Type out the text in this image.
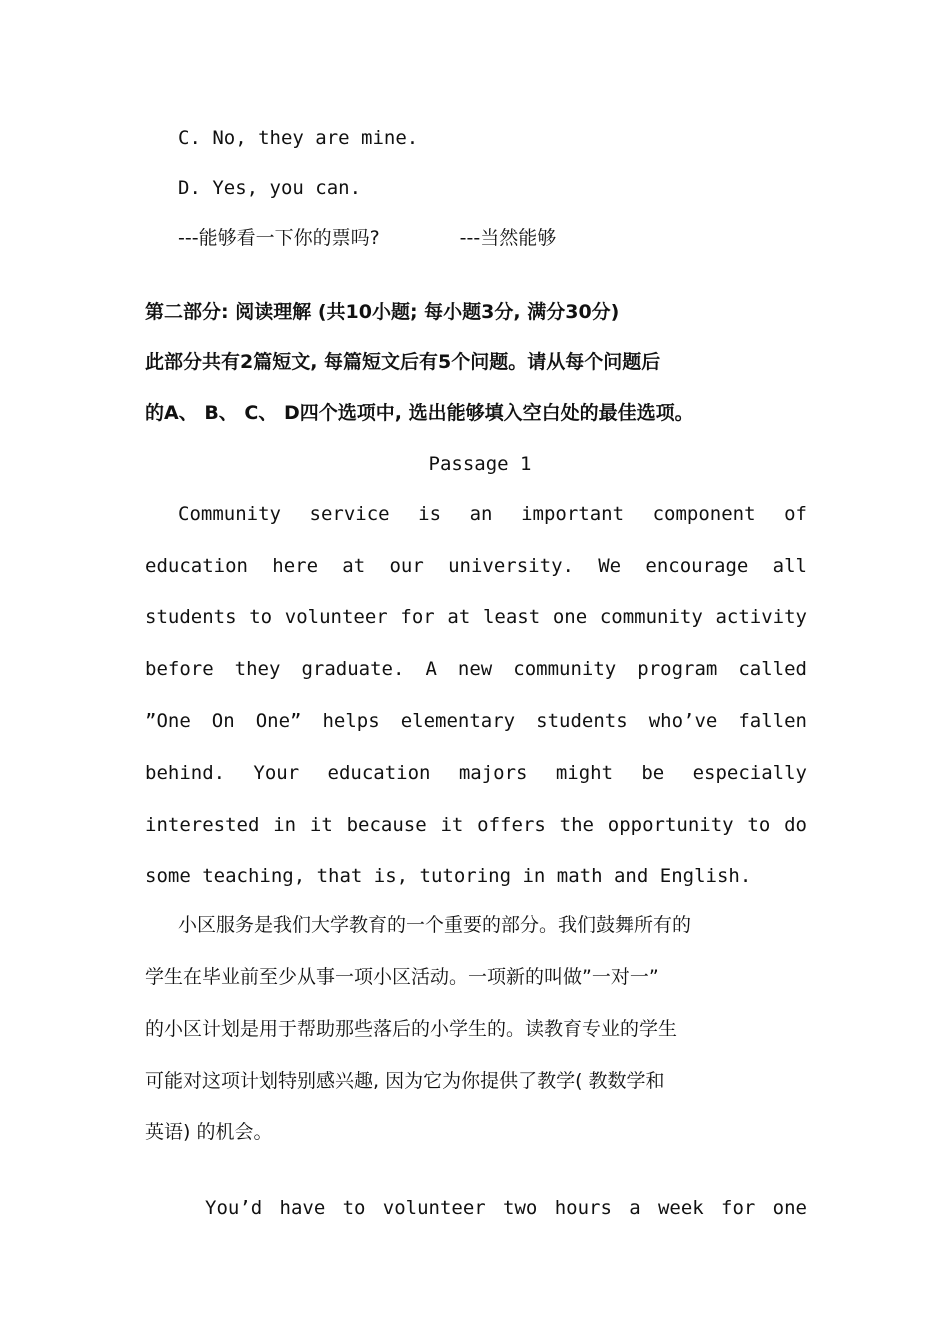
C. No, they are mine.

D. Yes, you can.

---能够看一下你的票吗?	---当然能够

第二部分: 阅读理解 (共10小题; 每小题3分, 满分30分)

此部分共有2篇短文, 每篇短文后有5个问题。请从每个问题后

的A、 B、 C、 D四个选项中, 选出能够填入空白处的最佳选项。

Passage 1

Community service is an important component of

education here at our university. We encourage all

students to volunteer for at least one community activity

before they graduate. A new community program called

”One On One” helps elementary students who’ve fallen

behind. Your education majors might be especially

interested in it because it offers the opportunity to do

some teaching, that is, tutoring in math and English.

小区服务是我们大学教育的一个重要的部分。我们鼓舞所有的

学生在毕业前至少从事一项小区活动。一项新的叫做”一对一”

的小区计划是用于帮助那些落后的小学生的。读教育专业的学生

可能对这项计划特别感兴趣, 因为它为你提供了教学( 教数学和

英语) 的机会。

You’d have to volunteer two hours a week for one
